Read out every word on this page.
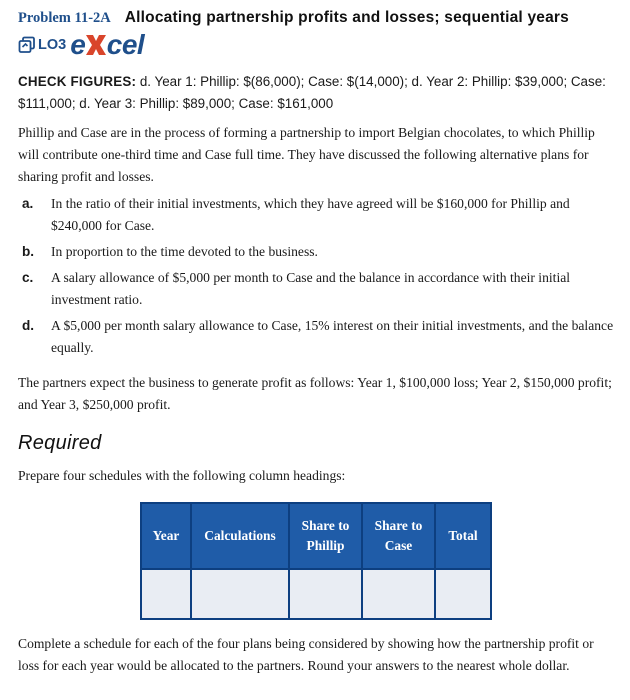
Problem 11-2A Allocating partnership profits and losses; sequential years
LO3 e cel
CHECK FIGURES: d. Year 1: Phillip: $(86,000); Case: $(14,000); d. Year 2: Phillip: $39,000; Case: $111,000; d. Year 3: Phillip: $89,000; Case: $161,000
Phillip and Case are in the process of forming a partnership to import Belgian chocolates, to which Phillip will contribute one-third time and Case full time. They have discussed the following alternative plans for sharing profit and losses.
a.	In the ratio of their initial investments, which they have agreed will be $160,000 for Phillip and $240,000 for Case.
b.	In proportion to the time devoted to the business.
c.	A salary allowance of $5,000 per month to Case and the balance in accordance with their initial investment ratio.
d.	A $5,000 per month salary allowance to Case, 15% interest on their initial investments, and the balance equally.
The partners expect the business to generate profit as follows: Year 1, $100,000 loss; Year 2, $150,000 profit; and Year 3, $250,000 profit.
Required
Prepare four schedules with the following column headings:
Year	Calculations	Share to Phillip	Share to Case	Total

Complete a schedule for each of the four plans being considered by showing how the partnership profit or loss for each year would be allocated to the partners. Round your answers to the nearest whole dollar.
